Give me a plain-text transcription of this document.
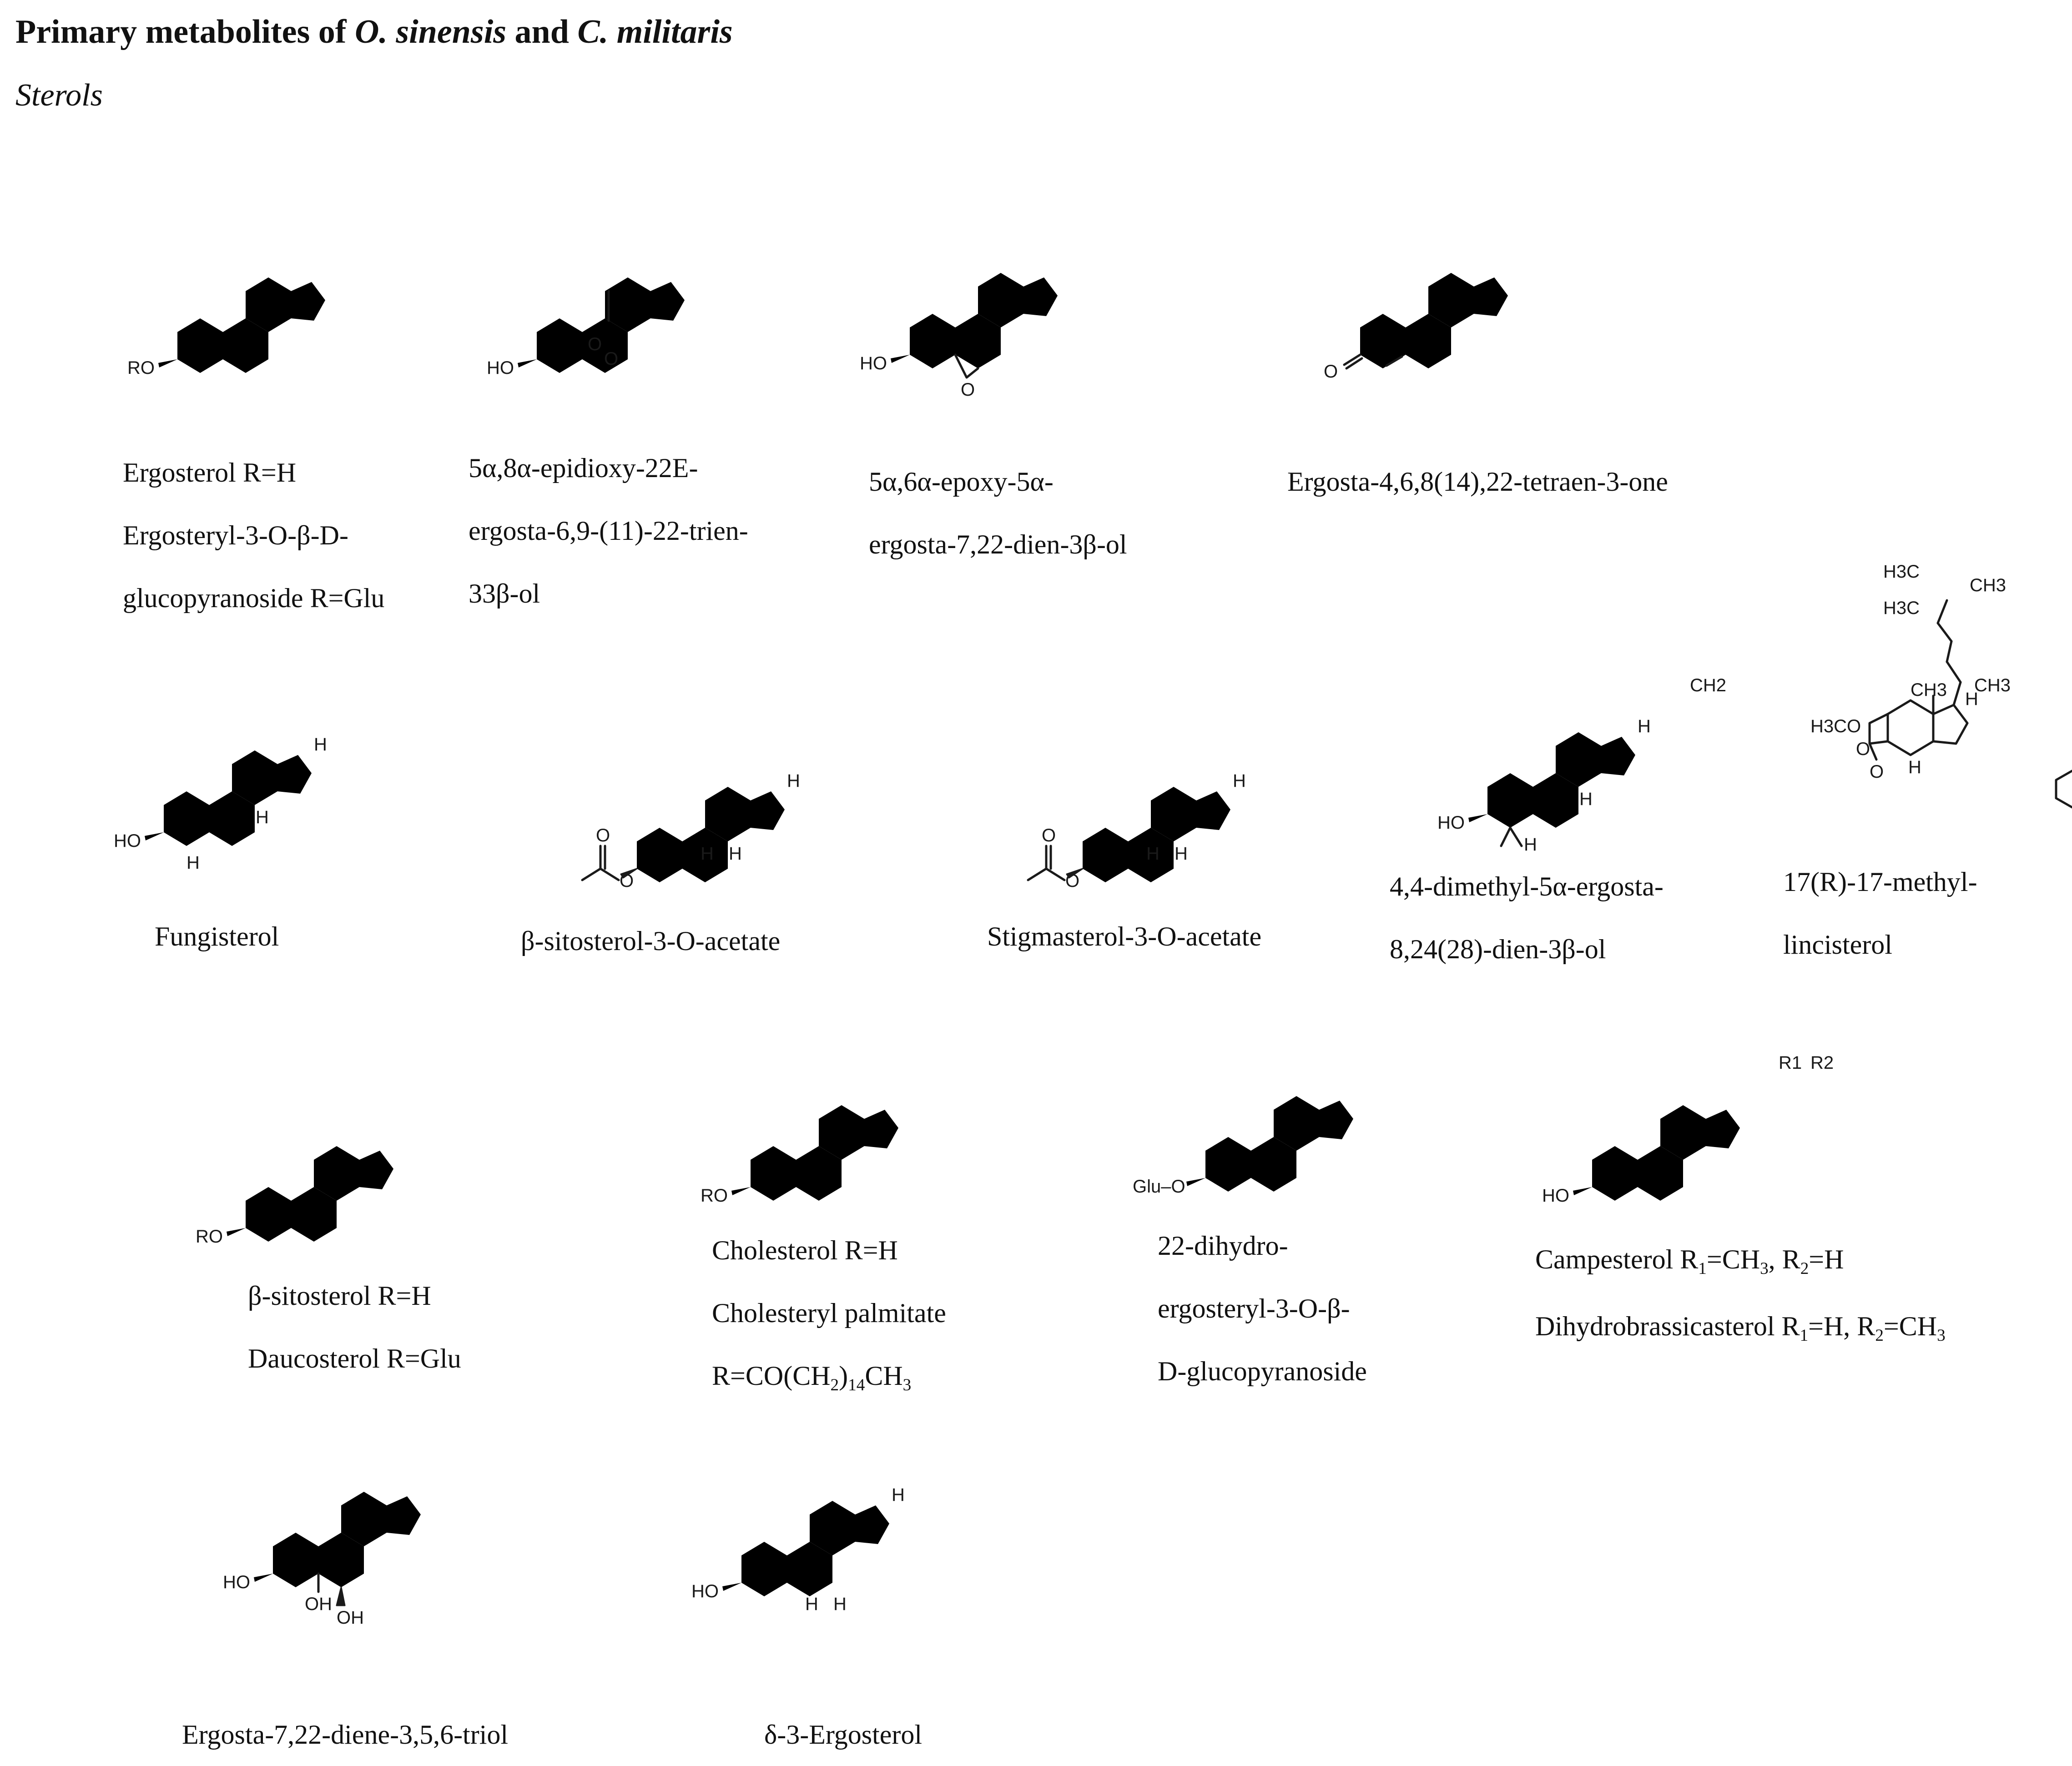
Primary metabolites of O. sinensis and C. militaris
Sterols
RO
Ergosterol R=H
Ergosteryl-3-O-β-D-
glucopyranoside R=Glu
O
O
HO
5α,8α-epidioxy-22E-
ergosta-6,9-(11)-22-trien-
33β-ol
O
HO
5α,6α-epoxy-5α-
ergosta-7,22-dien-3β-ol
O
Ergosta-4,6,8(14),22-tetraen-3-one
H
H
H
HO
Fungisterol
O
O
H H
H
β-sitosterol-3-O-acetate
O
O
H H
H
Stigmasterol-3-O-acetate
H
H
H
CH2
HO
4,4-dimethyl-5α-ergosta-
8,24(28)-dien-3β-ol
H3C
H3C
CH3
CH3
CH3 H
H3CO
O
O H
17(R)-17-methyl-
lincisterol
RO
β-sitosterol R=H
Daucosterol R=Glu
RO
Cholesterol R=H
Cholesteryl palmitate
$R=CO(CH_2)_{14}CH_3$
Glu–O
22-dihydro-
ergosteryl-3-O-β-
D-glucopyranoside
R1 R2
HO
Campesterol $R_1=CH_3$, $R_2=H$
Dihydrobrassicasterol $R_1=H$, $R_2=CH_3$
OH
OH
HO
Ergosta-7,22-diene-3,5,6-triol
H H
H
HO
δ-3-Ergosterol
